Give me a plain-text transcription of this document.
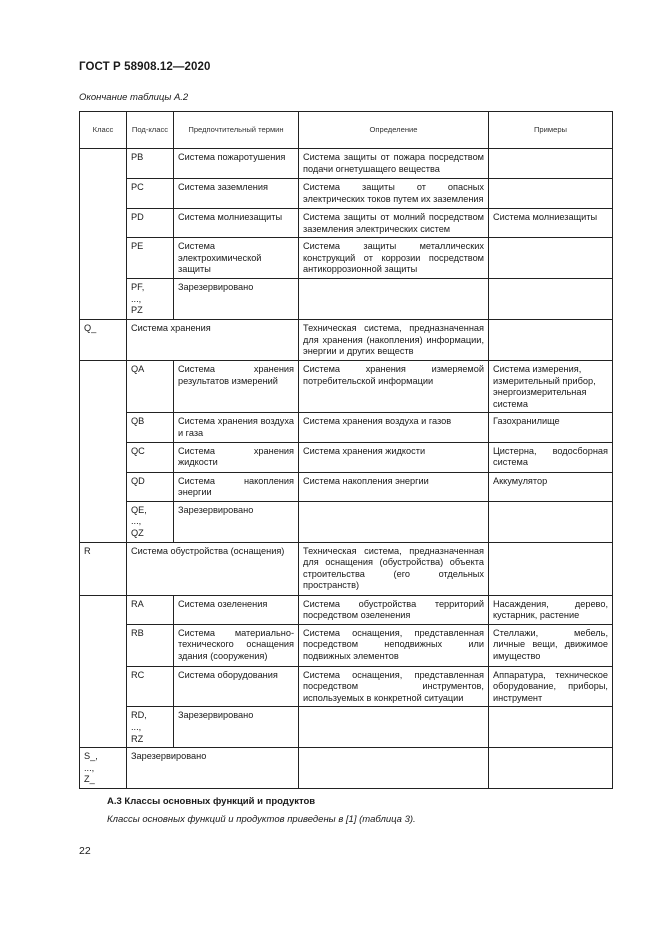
ГОСТ Р 58908.12—2020
Окончание таблицы А.2
Класс	Под-класс	Предпочтительный термин	Определение	Примеры
	PB	Система пожаротушения	Система защиты от пожара посредством подачи огнетушащего вещества	
	PC	Система заземления	Система защиты от опасных электрических токов путем их заземления	
	PD	Система молниезащиты	Система защиты от молний посредством заземления электрических систем	Система молниезащиты
	PE	Система электрохимической защиты	Система защиты металлических конструкций от коррозии посредством антикоррозионной защиты	

	PF,
...,
PZ	Зарезервировано		
Q_	Система хранения		Техническая система, предназначенная для хранения (накопления) информации, энергии и других веществ	
	QA	Система хранения результатов измерений	Система хранения измеряемой потребительской информации	Система измерения, измерительный прибор, энергоизмерительная система
	QB	Система хранения воздуха и газа	Система хранения воздуха и газов	Газохранилище
	QC	Система хранения жидкости	Система хранения жидкости	Цистерна, водосборная система
	QD	Система накопления энергии	Система накопления энергии	Аккумулятор

	QE,
...,
QZ	Зарезервировано		
R	Система обустройства (оснащения)		Техническая система, предназначенная для оснащения (обустройства) объекта строительства (его отдельных пространств)	
	RA	Система озеленения	Система обустройства территорий посредством озеленения	Насаждения, дерево, кустарник, растение
	RB	Система материально-технического оснащения здания (сооружения)	Система оснащения, представленная посредством неподвижных или подвижных элементов	Стеллажи, мебель, личные вещи, движимое имущество
	RC	Система оборудования	Система оснащения, представленная посредством инструментов, используемых в конкретной ситуации	Аппаратура, техническое оборудование, приборы, инструмент

	RD,
...,
RZ	Зарезервировано		

S_,
...,
Z_	Зарезервировано			
А.3 Классы основных функций и продуктов
Классы основных функций и продуктов приведены в [1] (таблица 3).
22
